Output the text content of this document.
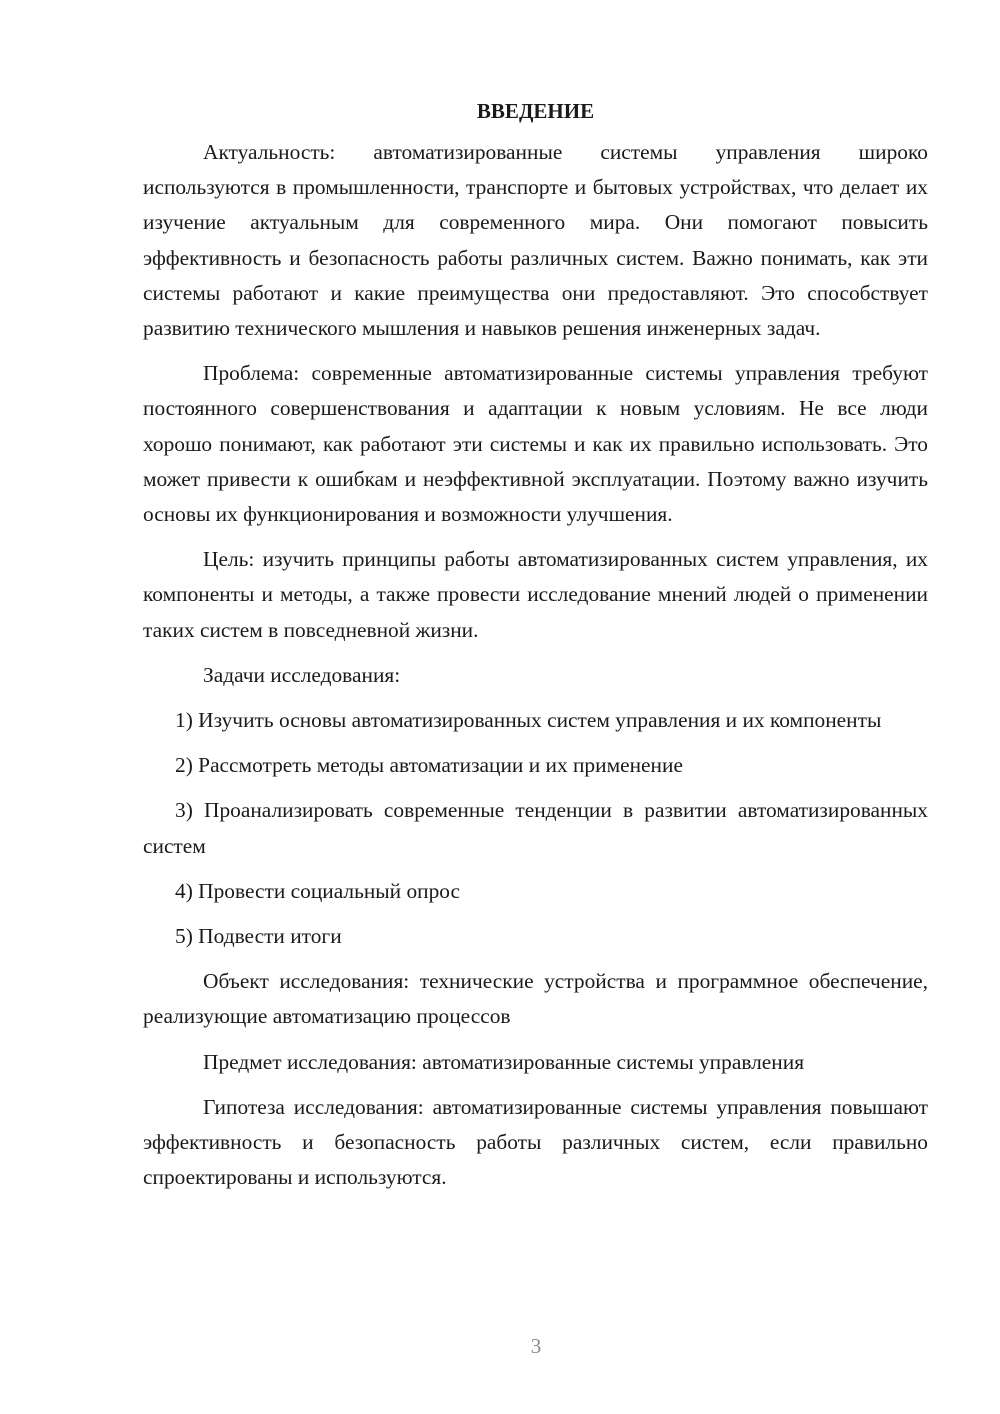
ВВЕДЕНИЕ

Актуальность: автоматизированные системы управления широко используются в промышленности, транспорте и бытовых устройствах, что делает их изучение актуальным для современного мира. Они помогают повысить эффективность и безопасность работы различных систем. Важно понимать, как эти системы работают и какие преимущества они предоставляют. Это способствует развитию технического мышления и навыков решения инженерных задач.

Проблема: современные автоматизированные системы управления требуют постоянного совершенствования и адаптации к новым условиям. Не все люди хорошо понимают, как работают эти системы и как их правильно использовать. Это может привести к ошибкам и неэффективной эксплуатации. Поэтому важно изучить основы их функционирования и возможности улучшения.

Цель: изучить принципы работы автоматизированных систем управления, их компоненты и методы, а также провести исследование мнений людей о применении таких систем в повседневной жизни.

Задачи исследования:

1) Изучить основы автоматизированных систем управления и их компоненты

2) Рассмотреть методы автоматизации и их применение

3) Проанализировать современные тенденции в развитии автоматизированных систем

4) Провести социальный опрос

5) Подвести итоги

Объект исследования: технические устройства и программное обеспечение, реализующие автоматизацию процессов

Предмет исследования: автоматизированные системы управления

Гипотеза исследования: автоматизированные системы управления повышают эффективность и безопасность работы различных систем, если правильно спроектированы и используются.

3
